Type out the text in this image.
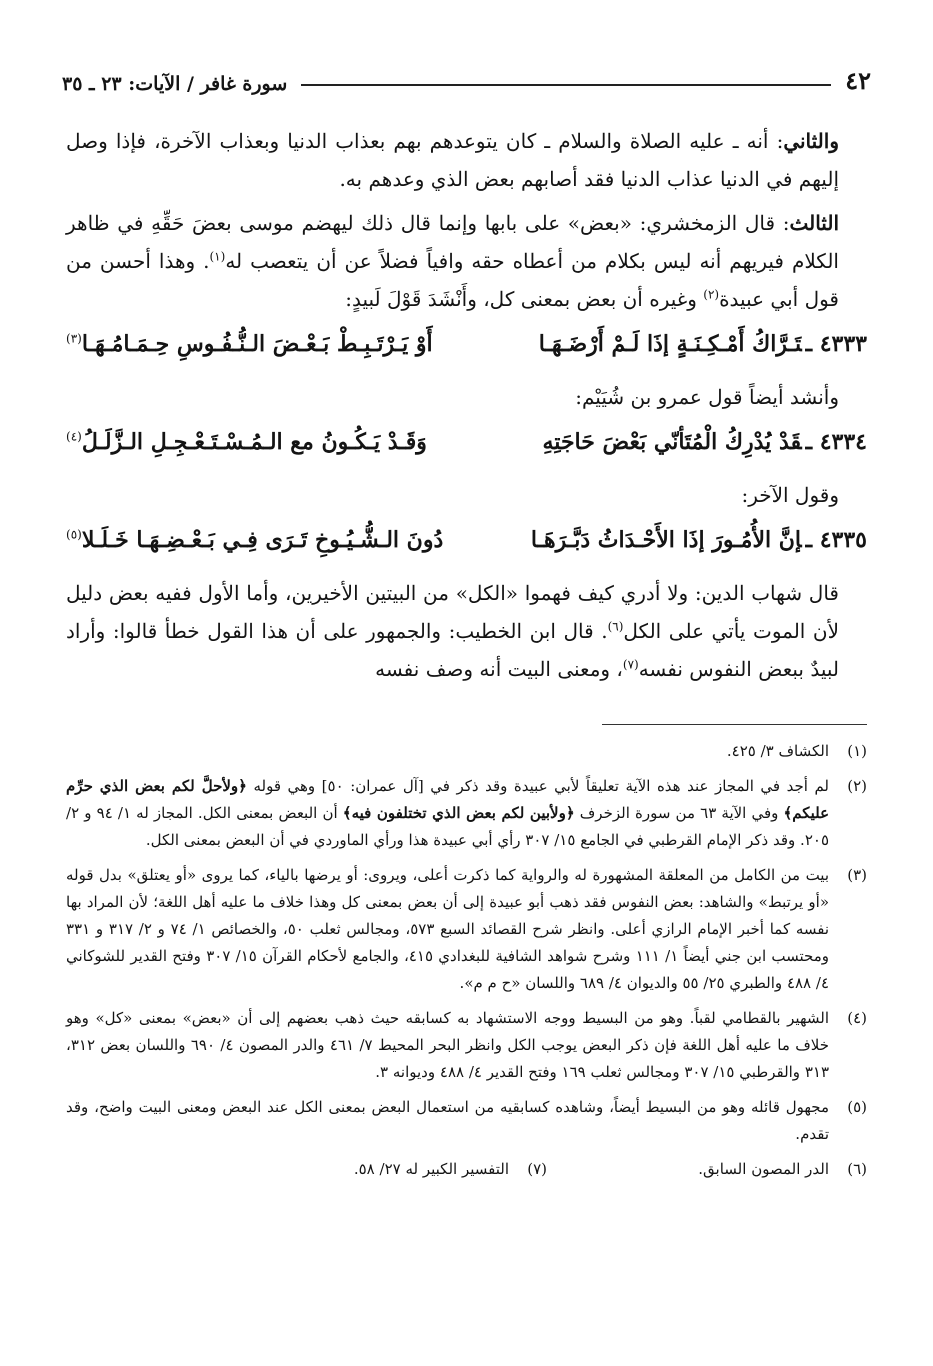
٤٢
سورة غافر / الآيات: ٢٣ ـ ٣٥

والثاني: أنه ـ عليه الصلاة والسلام ـ كان يتوعدهم بهم بعذاب الدنيا وبعذاب الآخرة، فإذا وصل إليهم في الدنيا عذاب الدنيا فقد أصابهم بعض الذي وعدهم به.

الثالث: قال الزمخشري: «بعض» على بابها وإنما قال ذلك ليهضم موسى بعضَ حَقِّهِ في ظاهر الكلام فيريهم أنه ليس بكلام من أعطاه حقه وافياً فضلاً عن أن يتعصب له$^{(١)}$. وهذا أحسن من قول أبي عبيدة$^{(٢)}$ وغيره أن بعض بمعنى كل، وأَنْشَدَ قَوْلَ لَبيدٍ:

٤٣٣٣ ـتَـرَّاكُ أَمْـكِـنَـةٍ إذَا لَـمْ أَرْضَـهَـا
أَوْ يَـرْتَـبِـطْ بَـعْـضَ الـنُّـفُـوسِ حِـمَـامُـهَـا$^{(٣)}$

وأنشد أيضاً قول عمرو بن شُيَيْم:

٤٣٣٤ ـقَدْ يُدْرِكُ الْمُتَأنّي بَعْضَ حَاجَتِهِ
وَقَـدْ يَـكُـونُ مع الـمُـسْـتَـعْـجِـلِ الـزَّلَـلُ$^{(٤)}$

وقول الآخر:

٤٣٣٥ ـإنَّ الأُمُـورَ إذَا الأَحْـدَاثُ دَبَّـرَهَـا
دُونَ الـشُّـيُـوخِ تَـرَى فِـي بَـعْـضِـهَـا خَـلَـلا$^{(٥)}$

قال شهاب الدين: ولا أدري كيف فهموا «الكل» من البيتين الأخيرين، وأما الأول ففيه بعض دليل لأن الموت يأتي على الكل$^{(٦)}$. قال ابن الخطيب: والجمهور على أن هذا القول خطأ قالوا: وأراد لبيدٌ ببعض النفوس نفسه$^{(٧)}$، ومعنى البيت أنه وصف نفسه

(١)
الكشاف ٣/ ٤٢٥.
(٢)
لم أجد في المجاز عند هذه الآية تعليقاً لأبي عبيدة وقد ذكر في [آل عمران: ٥٠] وهي قوله ﴿ولأحلَّ لكم بعض الذي حرِّم عليكم﴾ وفي الآية ٦٣ من سورة الزخرف ﴿ولأبين لكم بعض الذي تختلفون فيه﴾ أن البعض بمعنى الكل. المجاز له ١/ ٩٤ و ٢/ ٢٠٥. وقد ذكر الإمام القرطبي في الجامع ١٥/ ٣٠٧ رأي أبي عبيدة هذا ورأي الماوردي في أن البعض بمعنى الكل.
(٣)
بيت من الكامل من المعلقة المشهورة له والرواية كما ذكرت أعلى، ويروى: أو يرضها بالياء، كما يروى «أو يعتلق» بدل قوله «أو يرتبط» والشاهد: بعض النفوس فقد ذهب أبو عبيدة إلى أن بعض بمعنى كل وهذا خلاف ما عليه أهل اللغة؛ لأن المراد بها نفسه كما أخبر الإمام الرازي أعلى. وانظر شرح القصائد السبع ٥٧٣، ومجالس ثعلب ٥٠، والخصائص ١/ ٧٤ و ٢/ ٣١٧ و ٣٣١ ومحتسب ابن جني أيضاً ١/ ١١١ وشرح شواهد الشافية للبغدادي ٤١٥، والجامع لأحكام القرآن ١٥/ ٣٠٧ وفتح القدير للشوكاني ٤/ ٤٨٨ والطبري ٢٥/ ٥٥ والديوان ٤/ ٦٨٩ واللسان «ح م م».
(٤)
الشهير بالقطامي لقباً. وهو من البسيط ووجه الاستشهاد به كسابقه حيث ذهب بعضهم إلى أن «بعض» بمعنى «كل» وهو خلاف ما عليه أهل اللغة فإن ذكر البعض يوجب الكل وانظر البحر المحيط ٧/ ٤٦١ والدر المصون ٤/ ٦٩٠ واللسان بعض ٣١٢، ٣١٣ والقرطبي ١٥/ ٣٠٧ ومجالس ثعلب ١٦٩ وفتح القدير ٤/ ٤٨٨ وديوانه ٣.
(٥)
مجهول قائله وهو من البسيط أيضاً، وشاهده كسابقيه من استعمال البعض بمعنى الكل عند البعض ومعنى البيت واضح، وقد تقدم.
(٦)
الدر المصون السابق.
(٧)
التفسير الكبير له ٢٧/ ٥٨.
